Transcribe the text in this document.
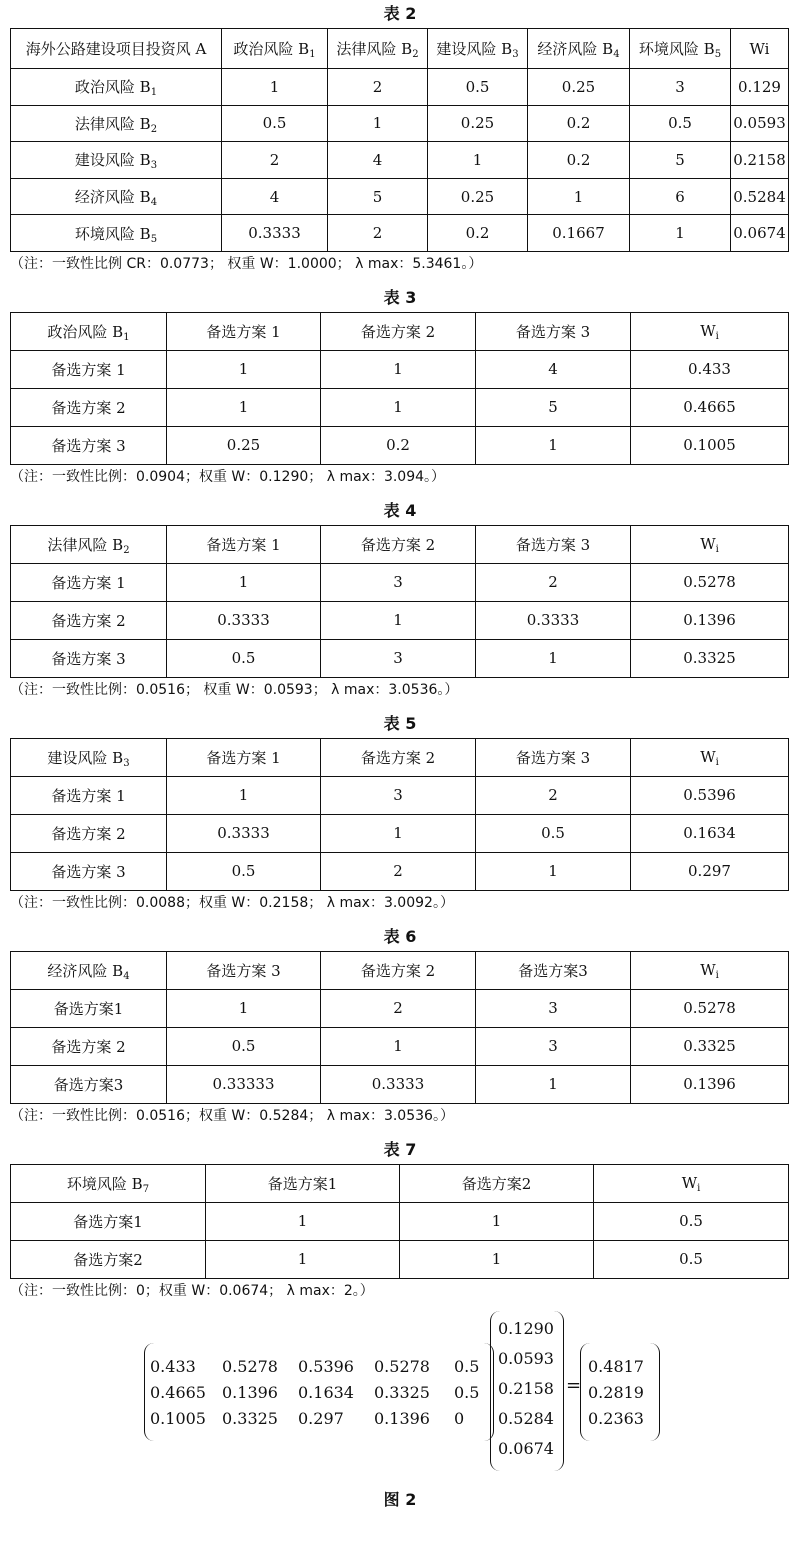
表 2
海外公路建设项目投资风 A	政治风险 $B_1$	法律风险 $B_2$	建设风险 $B_3$	经济风险 $B_4$	环境风险 $B_5$	Wi
政治风险 $B_1$	1	2	0.5	0.25	3	0.129
法律风险 $B_2$	0.5	1	0.25	0.2	0.5	0.0593
建设风险 $B_3$	2	4	1	0.2	5	0.2158
经济风险 $B_4$	4	5	0.25	1	6	0.5284
环境风险 $B_5$	0.3333	2	0.2	0.1667	1	0.0674
（注：一致性比例 CR：0.0773； 权重 W：1.0000； λ max：5.3461。）
表 3
政治风险 $B_1$	备选方案 1	备选方案 2	备选方案 3	$W_i$
备选方案 1	1	1	4	0.433
备选方案 2	1	1	5	0.4665
备选方案 3	0.25	0.2	1	0.1005
（注：一致性比例：0.0904；权重 W：0.1290； λ max：3.094。）
表 4
法律风险 $B_2$	备选方案 1	备选方案 2	备选方案 3	$W_i$
备选方案 1	1	3	2	0.5278
备选方案 2	0.3333	1	0.3333	0.1396
备选方案 3	0.5	3	1	0.3325
（注：一致性比例：0.0516； 权重 W：0.0593； λ max：3.0536。）
表 5
建设风险 $B_3$	备选方案 1	备选方案 2	备选方案 3	$W_i$
备选方案 1	1	3	2	0.5396
备选方案 2	0.3333	1	0.5	0.1634
备选方案 3	0.5	2	1	0.297
（注：一致性比例：0.0088；权重 W：0.2158； λ max：3.0092。）
表 6
经济风险 $B_4$	备选方案 3	备选方案 2	备选方案3	$W_i$
备选方案1	1	2	3	0.5278
备选方案 2	0.5	1	3	0.3325
备选方案3	0.33333	0.3333	1	0.1396
（注：一致性比例：0.0516；权重 W：0.5284； λ max：3.0536。）
表 7
环境风险 $B_7$	备选方案1	备选方案2	$W_i$
备选方案1	1	1	0.5
备选方案2	1	1	0.5
（注：一致性比例：0；权重 W：0.0674； λ max：2。）
0.433 0.5278 0.5396 0.5278 0.5
0.4665 0.1396 0.1634 0.3325 0.5
0.1005 0.3325 0.297 0.1396 0
0.1290
0.0593
0.2158
0.5284
0.0674
=
0.4817
0.2819
0.2363
图 2
